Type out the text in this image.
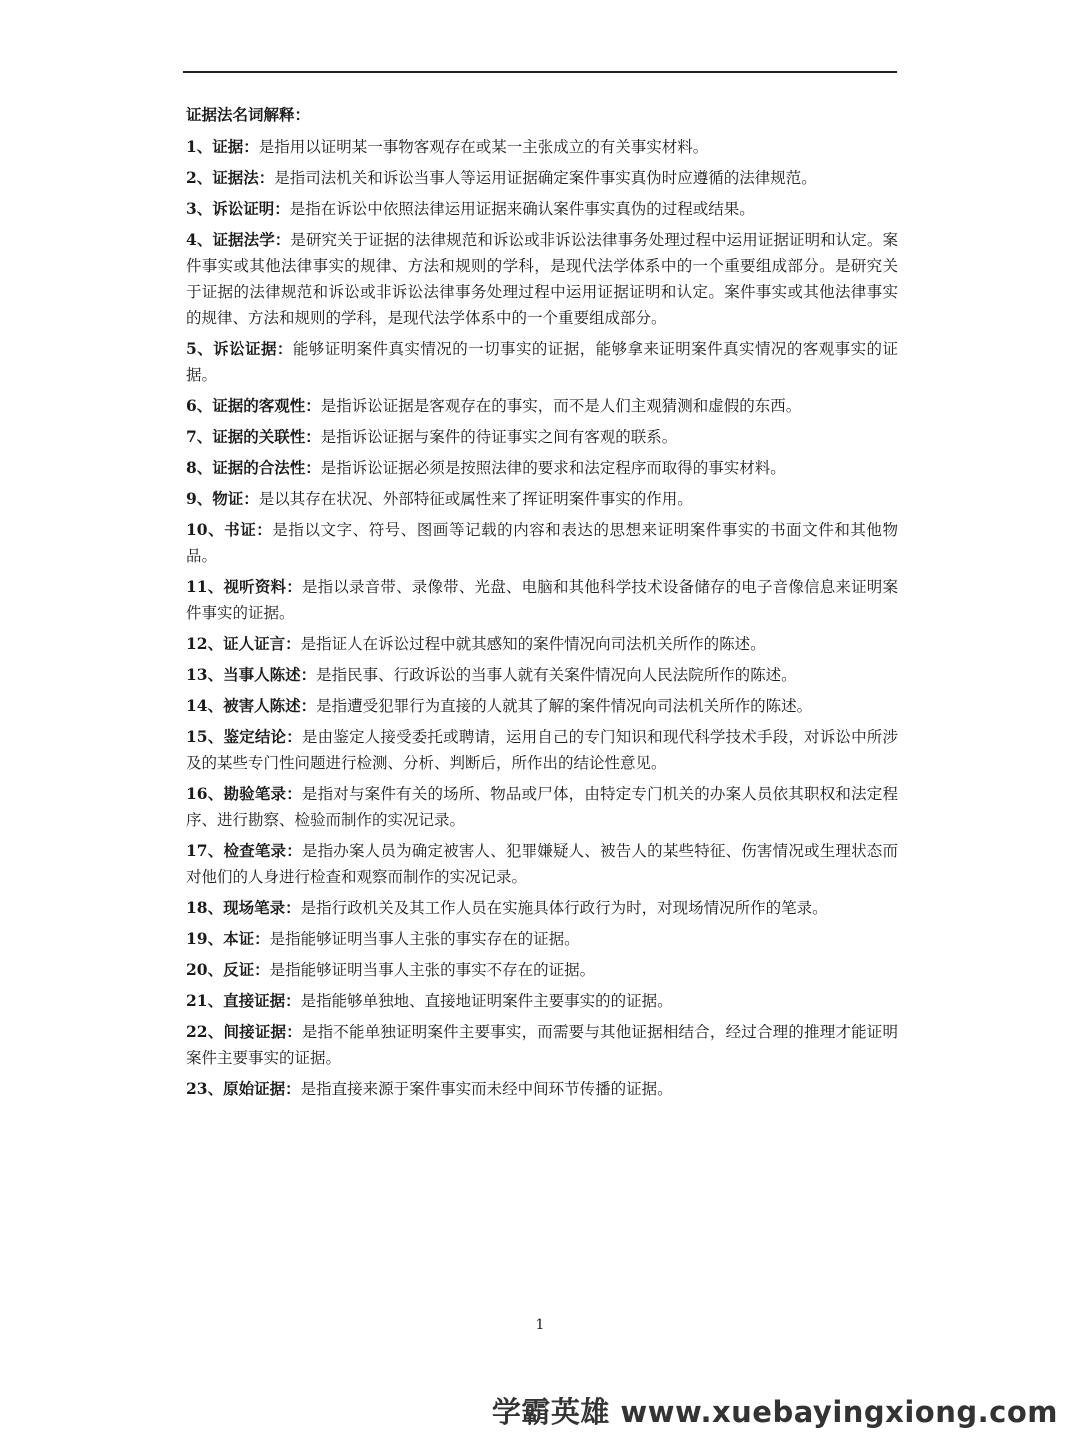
证据法名词解释：
1、证据：是指用以证明某一事物客观存在或某一主张成立的有关事实材料。
2、证据法：是指司法机关和诉讼当事人等运用证据确定案件事实真伪时应遵循的法律规范。
3、诉讼证明：是指在诉讼中依照法律运用证据来确认案件事实真伪的过程或结果。
4、证据法学：是研究关于证据的法律规范和诉讼或非诉讼法律事务处理过程中运用证据证明和认定。案件事实或其他法律事实的规律、方法和规则的学科，是现代法学体系中的一个重要组成部分。是研究关于证据的法律规范和诉讼或非诉讼法律事务处理过程中运用证据证明和认定。案件事实或其他法律事实的规律、方法和规则的学科，是现代法学体系中的一个重要组成部分。
5、诉讼证据：能够证明案件真实情况的一切事实的证据，能够拿来证明案件真实情况的客观事实的证据。
6、证据的客观性：是指诉讼证据是客观存在的事实，而不是人们主观猜测和虚假的东西。
7、证据的关联性：是指诉讼证据与案件的待证事实之间有客观的联系。
8、证据的合法性：是指诉讼证据必须是按照法律的要求和法定程序而取得的事实材料。
9、物证：是以其存在状况、外部特征或属性来了挥证明案件事实的作用。
10、书证：是指以文字、符号、图画等记载的内容和表达的思想来证明案件事实的书面文件和其他物品。
11、视听资料：是指以录音带、录像带、光盘、电脑和其他科学技术设备储存的电子音像信息来证明案件事实的证据。
12、证人证言：是指证人在诉讼过程中就其感知的案件情况向司法机关所作的陈述。
13、当事人陈述：是指民事、行政诉讼的当事人就有关案件情况向人民法院所作的陈述。
14、被害人陈述：是指遭受犯罪行为直接的人就其了解的案件情况向司法机关所作的陈述。
15、鉴定结论：是由鉴定人接受委托或聘请，运用自己的专门知识和现代科学技术手段，对诉讼中所涉及的某些专门性问题进行检测、分析、判断后，所作出的结论性意见。
16、勘验笔录：是指对与案件有关的场所、物品或尸体，由特定专门机关的办案人员依其职权和法定程序、进行勘察、检验而制作的实况记录。
17、检查笔录：是指办案人员为确定被害人、犯罪嫌疑人、被告人的某些特征、伤害情况或生理状态而对他们的人身进行检查和观察而制作的实况记录。
18、现场笔录：是指行政机关及其工作人员在实施具体行政行为时，对现场情况所作的笔录。
19、本证：是指能够证明当事人主张的事实存在的证据。
20、反证：是指能够证明当事人主张的事实不存在的证据。
21、直接证据：是指能够单独地、直接地证明案件主要事实的的证据。
22、间接证据：是指不能单独证明案件主要事实，而需要与其他证据相结合，经过合理的推理才能证明案件主要事实的证据。
23、原始证据：是指直接来源于案件事实而未经中间环节传播的证据。
1
学霸英雄 www.xuebayingxiong.com
